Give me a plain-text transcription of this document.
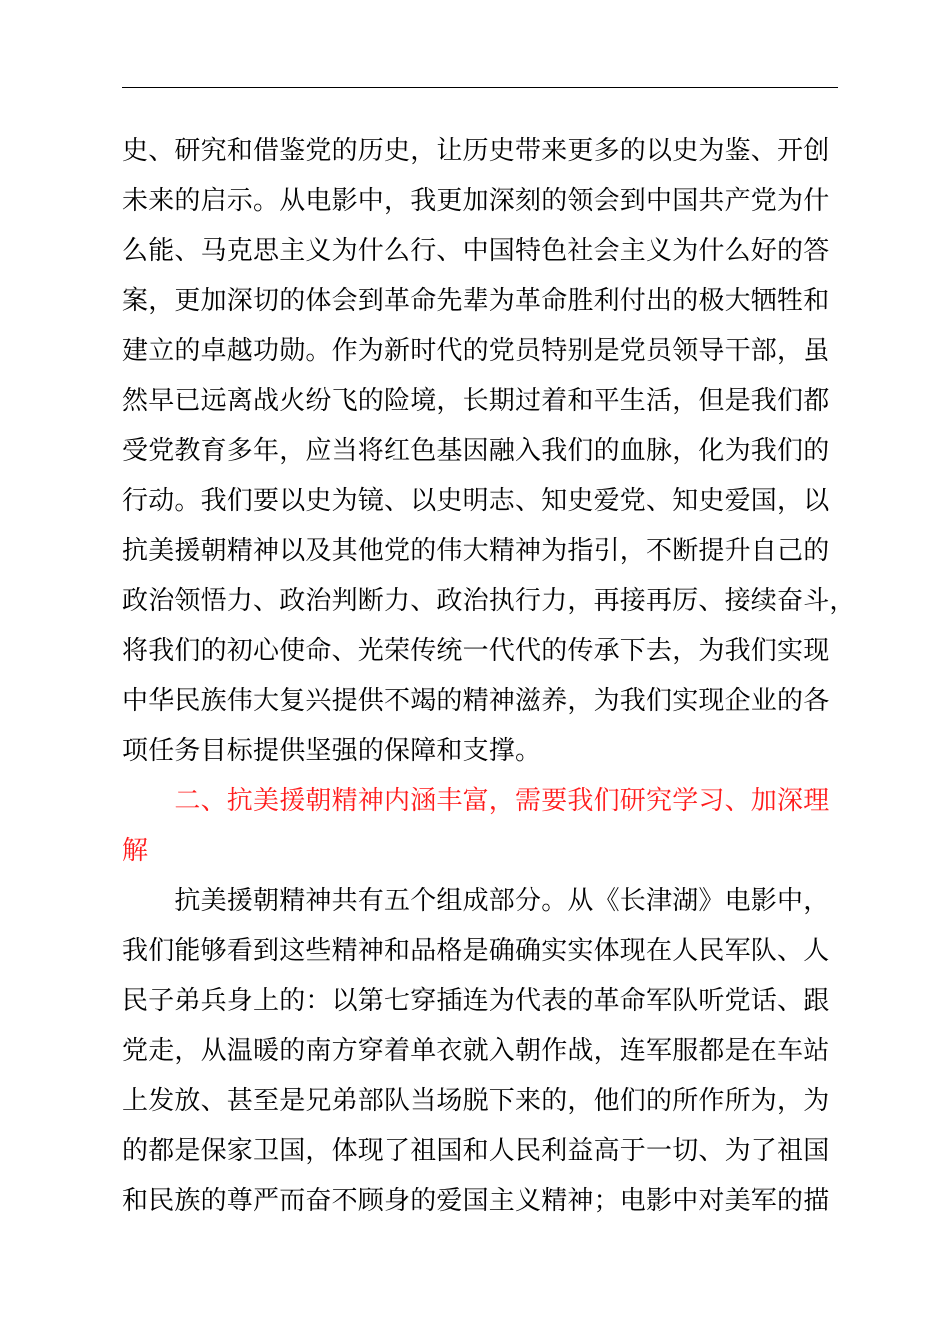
史、研究和借鉴党的历史，让历史带来更多的以史为鉴、开创
未来的启示。从电影中，我更加深刻的领会到中国共产党为什
么能、马克思主义为什么行、中国特色社会主义为什么好的答
案，更加深切的体会到革命先辈为革命胜利付出的极大牺牲和
建立的卓越功勋。作为新时代的党员特别是党员领导干部，虽
然早已远离战火纷飞的险境，长期过着和平生活，但是我们都
受党教育多年，应当将红色基因融入我们的血脉，化为我们的
行动。我们要以史为镜、以史明志、知史爱党、知史爱国，以
抗美援朝精神以及其他党的伟大精神为指引，不断提升自己的
政治领悟力、政治判断力、政治执行力，再接再厉、接续奋斗，
将我们的初心使命、光荣传统一代代的传承下去，为我们实现
中华民族伟大复兴提供不竭的精神滋养，为我们实现企业的各
项任务目标提供坚强的保障和支撑。
　　二、抗美援朝精神内涵丰富，需要我们研究学习、加深理
解
　　抗美援朝精神共有五个组成部分。从《长津湖》电影中，
我们能够看到这些精神和品格是确确实实体现在人民军队、人
民子弟兵身上的：以第七穿插连为代表的革命军队听党话、跟
党走，从温暖的南方穿着单衣就入朝作战，连军服都是在车站
上发放、甚至是兄弟部队当场脱下来的，他们的所作所为，为
的都是保家卫国，体现了祖国和人民利益高于一切、为了祖国
和民族的尊严而奋不顾身的爱国主义精神；电影中对美军的描
